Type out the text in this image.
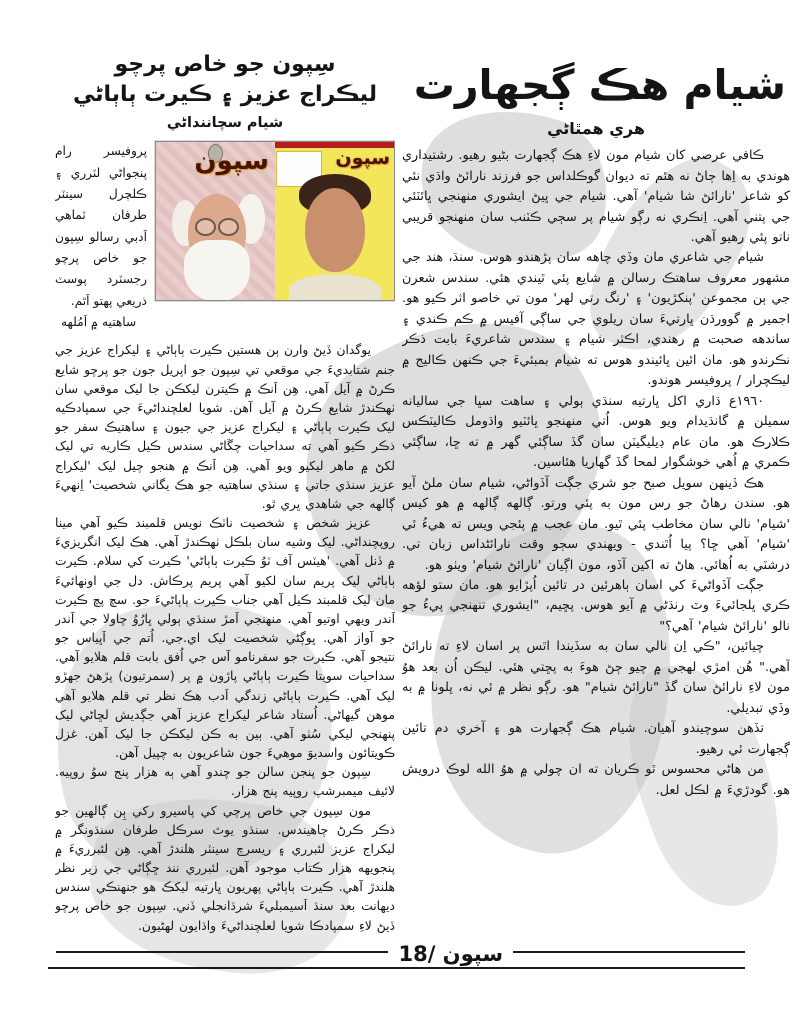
شيام هڪ ڳجھارت
هري همٿاڻي

ڪافي عرصي کان شيام مون لاءِ هڪ ڳجھارت بڻيو رهيو. رشتيداري هوندي به اِها ڄاڻ نه هئم ته ديوان گوڪلداس جو فرزند نارائڻ واڌي نئي کو شاعر 'نارائڻ شا شيام' آهي. شيام جي ڀيڻ ايشوري منهنجي ڀائٽئي جي پتني آهي. اِنڪري نه رڳو شيام پر سڄي ڪٽنب سان منهنجو قريبي ناتو پئي رهيو آهي.

شيام جي شاعري مان وڏي چاهه سان پڙهندو هوس. سنڌ، هند جي مشهور معروف ساهتڪ رسالن ۾ شايع پئي ٿيندي هئي. سندس شعرن جي ٻن مجموعن 'پنکڙيون' ۽ 'رنگ رتي لهر' مون تي خاصو اثر ڪيو هو. اجمير ۾ گوورڌن ڀارتيءَ سان ريلوي جي ساڳي آفيس ۾ ڪم ڪندي ۽ ساندهه صحبت ۾ رهندي، اڪثر شيام ۽ سندس شاعريءَ بابت ذڪر نڪرندو هو. مان ائين ڀائيندو هوس ته شيام بمبئيءَ جي ڪنهن ڪاليج ۾ ليڪچرار / پروفيسر هوندو.

١٩٦٠ع ڌاري اکل ڀارتيه سنڌي ٻولي ۽ ساهت سڀا جي ساليانه سميلن ۾ گانڌيدام ويو هوس. اُتي منهنجو ڀائٽيو واڌومل ڪاليٽڪس ڪلارڪ هو. مان عام ڊيليگيٽن سان گڏ ساڳئي گهر ۾ ته ڇا، ساڳئي ڪمري ۾ اُهي خوشگوار لمحا گڏ گهاريا هئاسين.

هڪ ڏينهن سويل صبح جو شري جڳت آڏواڻي، شيام سان ملڻ آيو هو. سندن رهاڻ جو رس مون به پئي ورتو. ڳالهه ڳالهه ۾ هو کيس 'شيام' نالي سان مخاطب پئي ٿيو. مان عجب ۾ پئجي ويس ته هيءُ ئي 'شيام' آهي ڇا؟ پيا اُٿندي - ويهندي سڄو وقت نارائڻداس زبان تي. درشٽي به اُهائي. هاڻ ته اکين آڏو، مون اڳيان 'نارائڻ شيام' ويٺو هو.

جڳت آڏواڻيءَ کي اسان ٻاهرئين در تائين اُپڙايو هو. مان ستو لؤهه ڪري ڀلجائيءَ وٽ رنڌڻي ۾ آيو هوس. پڇيم، "ايشوري تنهنجي پيءُ جو نالو 'نارائڻ شيام' آهي؟"

چيائين، "ڪي اِن نالي سان به سڏيندا اٿس پر اسان لاءِ ته نارائڻ آهي." هُن امڙي لهجي ۾ چيو ڄڻ هوءَ به پڇتي هئي. ليڪن اُن بعد هوُ مون لاءِ نارائڻ سان گڏ "نارائڻ شيام" هو. رڳو نظر ۾ ئي نه، ڀلونا ۾ به وڏي تبديلي.

تڏهن سوچيندو آهيان. شيام هڪ ڳجھارت هو ۽ آخري دم تائين ڳجھارت ئي رهيو.

من هاڻي محسوس ٿو ڪريان ته ان چولي ۾ هوُ الله لوڪ درويش هو. گودڙيءَ ۾ لڪل لعل.

سِپون جو خاص پرچو
ليڪراج عزيز ۽ ڪيرت ٻاٻاڻي
شيام سچاننداڻي
سپون
سپون
پروفيسر رام پنجواڻي لٽرري ۽ ڪلچرل سينٽر طرفان ٽماهي اَدبي رسالو سِپون جو خاص پرچو رجسٽرد پوسٽ ذريعي پهتو اَٿم.
ساهتيه ۾ اَمُلهه

يوگدان ڏيڻ وارن ٻن هستين ڪيرت ٻاٻاڻي ۽ ليکراج عزيز جي جنم شتابديءَ جي موقعي تي سِپون جو اپريل جون جو پرچو شايع ڪرڻ ۾ آيل آهي. هِن اَنڪ ۾ ڪيترن ليکڪن جا ليک موقعي سان ٺهڪندڙ شايع ڪرڻ ۾ آيل آهن. شويا لعلچنداڻيءَ جي سمپادڪيه ليک ڪيرت ٻاٻاڻي ۽ ليکراج عزيز جي جيون ۽ ساهتيڪ سفر جو ذڪر ڪيو آهي ته سداحيات چڱاڻي سندس ڪيل ڪاريه تي ليک لکڻ ۾ ماهر ليکيو ويو آهي. هِن اَنڪ ۾ هنجو چيل ليک 'ليکراج عزيز سنڌي جاتي ۽ سنڌي ساهتيه جو هڪ يگاني شخصيت' اِنهيءَ ڳالهه جي شاهدي ڀري ٿو.

عزيز شخص ۽ شخصيت ناٽڪ نويس قلمبند ڪيو آهي مينا روپچنداڻي. ليک وشيه سان بلڪل ٺهڪندڙ آهي. هڪ ليک انگريزيءَ ۾ ڏنل آهي. 'هيٽس آف ٽوُ ڪيرت ٻاٻاڻي' ڪيرت کي سلام. ڪيرت ٻاٻاڻي ليک پريم سان لکيو آهي پريم پرڪاش. دل جي اونهائيءَ مان ليک قلمبند ڪيل آهي جناب ڪيرت ٻاٻاڻيءَ جو. سچ پچ ڪيرت اَندر ويهي اوتيو آهي. منهنجي اَمڙ سنڌي ٻولي ڀارُوُ چاولا جي اَندر جو آواز آهي. ڀوڳڻي شخصيت ليک اي.جي. اُتم جي اَڀياس جو نتيجو آهي. ڪيرت جو سفرنامو آس جي اُفق بابت قلم هلايو آهي. سداحيات سويتا ڪيرت ٻاٻاڻي پاڙون ۾ پر (سمرتيون) پڙهڻ جهڙو ليک آهي. ڪيرت ٻاٻاڻي زندگي اَدب هڪ نظر تي قلم هلايو آهي موهن گيهاڻي. اُستاد شاعر ليکراج عزيز آهي جڳديش لڇاڻي ليک پنهنجي ليکي سُٺو آهي. ٻين به ڪن ليکڪن جا ليک آهن. غزل ڪويتائون واسديوَ موهيءَ جون شاعريون به چپيل آهن.

سِپون جو پنجن سالن جو چندو آهي ٻه هزار پنج سوُ روپيه. لائيف ميمبرشپ روپيه پنج هزار.

مون سِپون جي خاص پرچي کي پاسيرو رکي ٻِن ڳالهين جو ذڪر ڪرڻ چاهيندس. سنڌو يوٿ سرڪل طرفان سنڌونگر ۾ ليکراج عزيز لئبرري ۽ ريسرچ سينٽر هلندڙ آهي. هِن لئبرريءَ ۾ پنجويهه هزار ڪتاب موجود آهن. لئبرري نند ڇڳاڻي جي زير نظر هلندڙ آهي. ڪيرت ٻاٻاڻي پهريون ڀارتيه ليکڪ هو جنهنڪي سندس ديهانت بعد سنڌ اَسيمبليءَ شرڌانجلي ڏني. سِپون جو خاص پرچو ڏيڻ لاءِ سمپادڪا شويا لعلچنداڻيءَ واڌايون لهڻيون.

سپون /18
